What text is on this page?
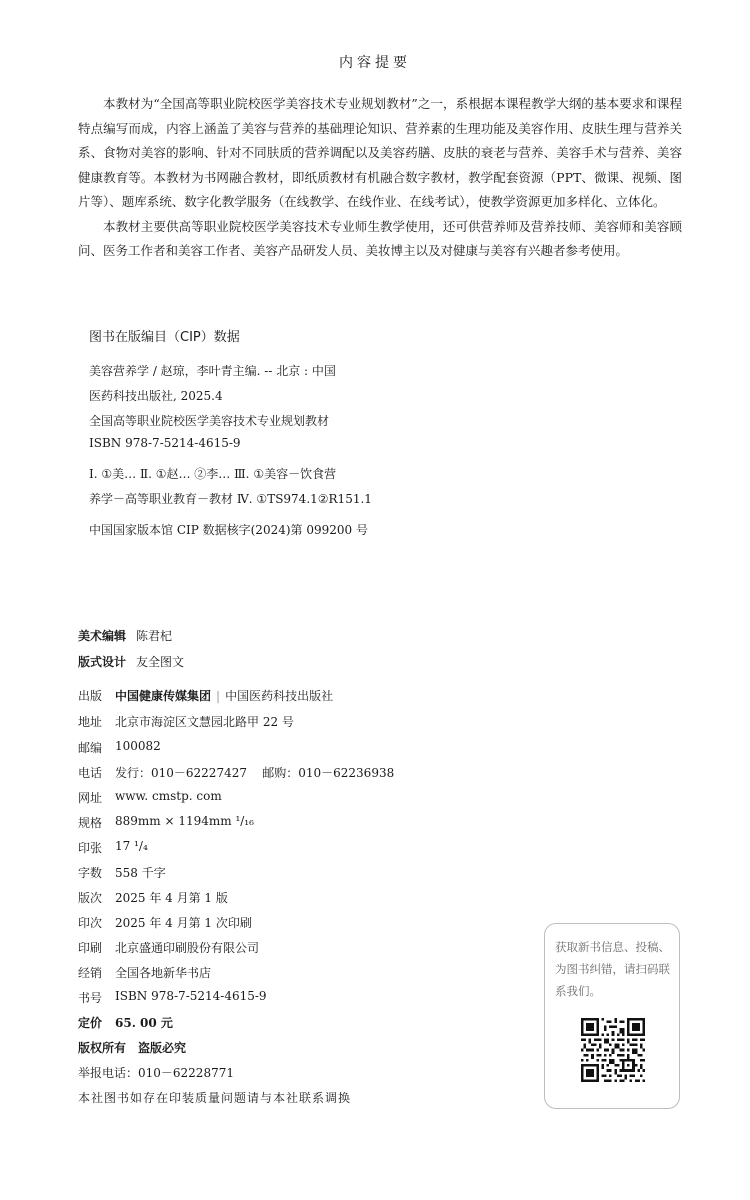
内容提要

本教材为“全国高等职业院校医学美容技术专业规划教材”之一，系根据本课程教学大纲的基本要求和课程特点编写而成，内容上涵盖了美容与营养的基础理论知识、营养素的生理功能及美容作用、皮肤生理与营养关系、食物对美容的影响、针对不同肤质的营养调配以及美容药膳、皮肤的衰老与营养、美容手术与营养、美容健康教育等。本教材为书网融合教材，即纸质教材有机融合数字教材，教学配套资源（PPT、微课、视频、图片等）、题库系统、数字化教学服务（在线教学、在线作业、在线考试），使教学资源更加多样化、立体化。

本教材主要供高等职业院校医学美容技术专业师生教学使用，还可供营养师及营养技师、美容师和美容顾问、医务工作者和美容工作者、美容产品研发人员、美妆博主以及对健康与美容有兴趣者参考使用。

图书在版编目（CIP）数据
美容营养学 / 赵琼，李叶青主编. -- 北京 : 中国
医药科技出版社, 2025.4
全国高等职业院校医学美容技术专业规划教材
ISBN 978-7-5214-4615-9
Ⅰ. ①美… Ⅱ. ①赵… ②李… Ⅲ. ①美容－饮食营
养学－高等职业教育－教材 Ⅳ. ①TS974.1②R151.1
中国国家版本馆 CIP 数据核字(2024)第 099200 号
美术编辑 陈君杞
版式设计 友全图文
出版	中国健康传媒集团 | 中国医药科技出版社
地址	北京市海淀区文慧园北路甲 22 号
邮编	100082
电话	发行：010－62227427    邮购：010－62236938
网址	www. cmstp. com
规格	889mm × 1194mm ¹/₁₆
印张	17 ¹/₄
字数	558 千字
版次	2025 年 4 月第 1 版
印次	2025 年 4 月第 1 次印刷
印刷	北京盛通印刷股份有限公司
经销	全国各地新华书店
书号	ISBN 978-7-5214-4615-9
定价	65. 00 元
版权所有 盗版必究
举报电话：010－62228771
本社图书如存在印装质量问题请与本社联系调换
获取新书信息、投稿、为图书纠错，请扫码联系我们。
